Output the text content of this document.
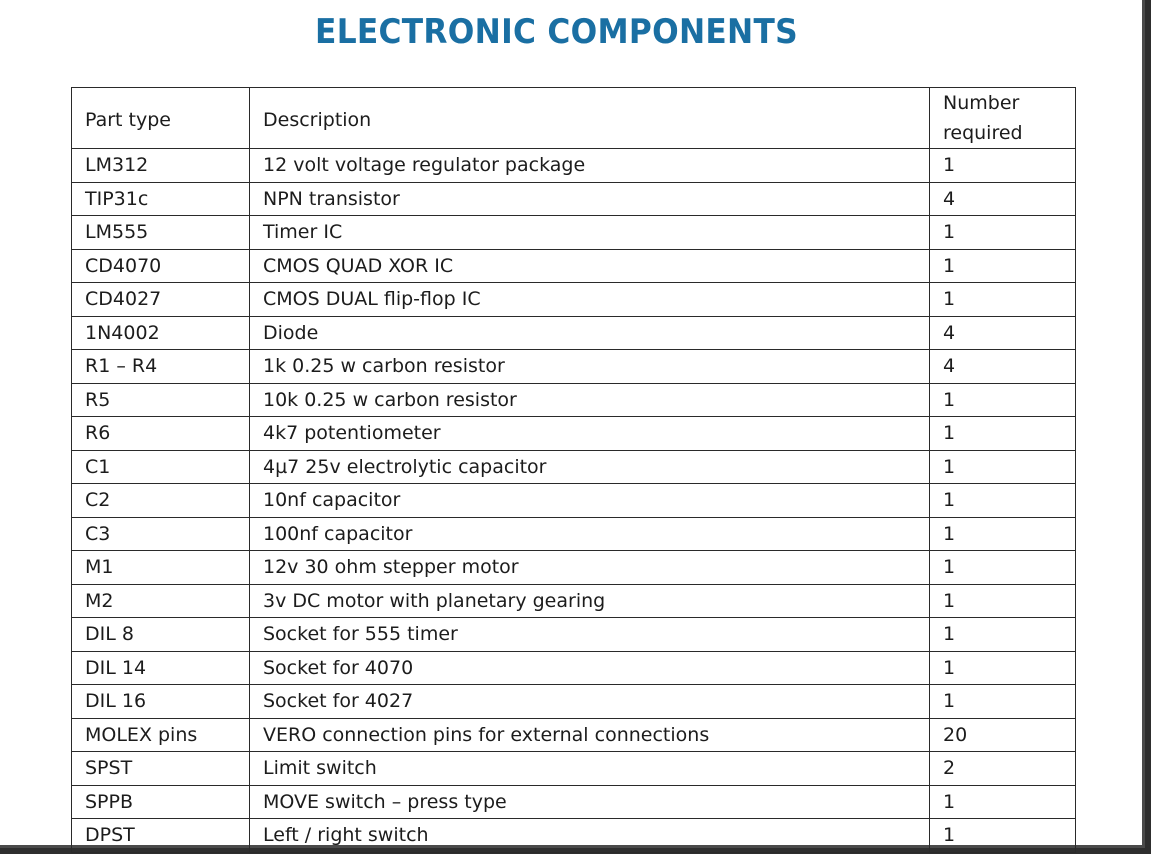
ELECTRONIC COMPONENTS
Part type	Description	Number required
LM312	12 volt voltage regulator package	1
TIP31c	NPN transistor	4
LM555	Timer IC	1
CD4070	CMOS QUAD XOR IC	1
CD4027	CMOS DUAL flip-flop IC	1
1N4002	Diode	4
R1 – R4	1k 0.25 w carbon resistor	4
R5	10k 0.25 w carbon resistor	1
R6	4k7 potentiometer	1
C1	4µ7 25v electrolytic capacitor	1
C2	10nf capacitor	1
C3	100nf capacitor	1
M1	12v 30 ohm stepper motor	1
M2	3v DC motor with planetary gearing	1
DIL 8	Socket for 555 timer	1
DIL 14	Socket for 4070	1
DIL 16	Socket for 4027	1
MOLEX pins	VERO connection pins for external connections	20
SPST	Limit switch	2
SPPB	MOVE switch – press type	1
DPST	Left / right switch	1
